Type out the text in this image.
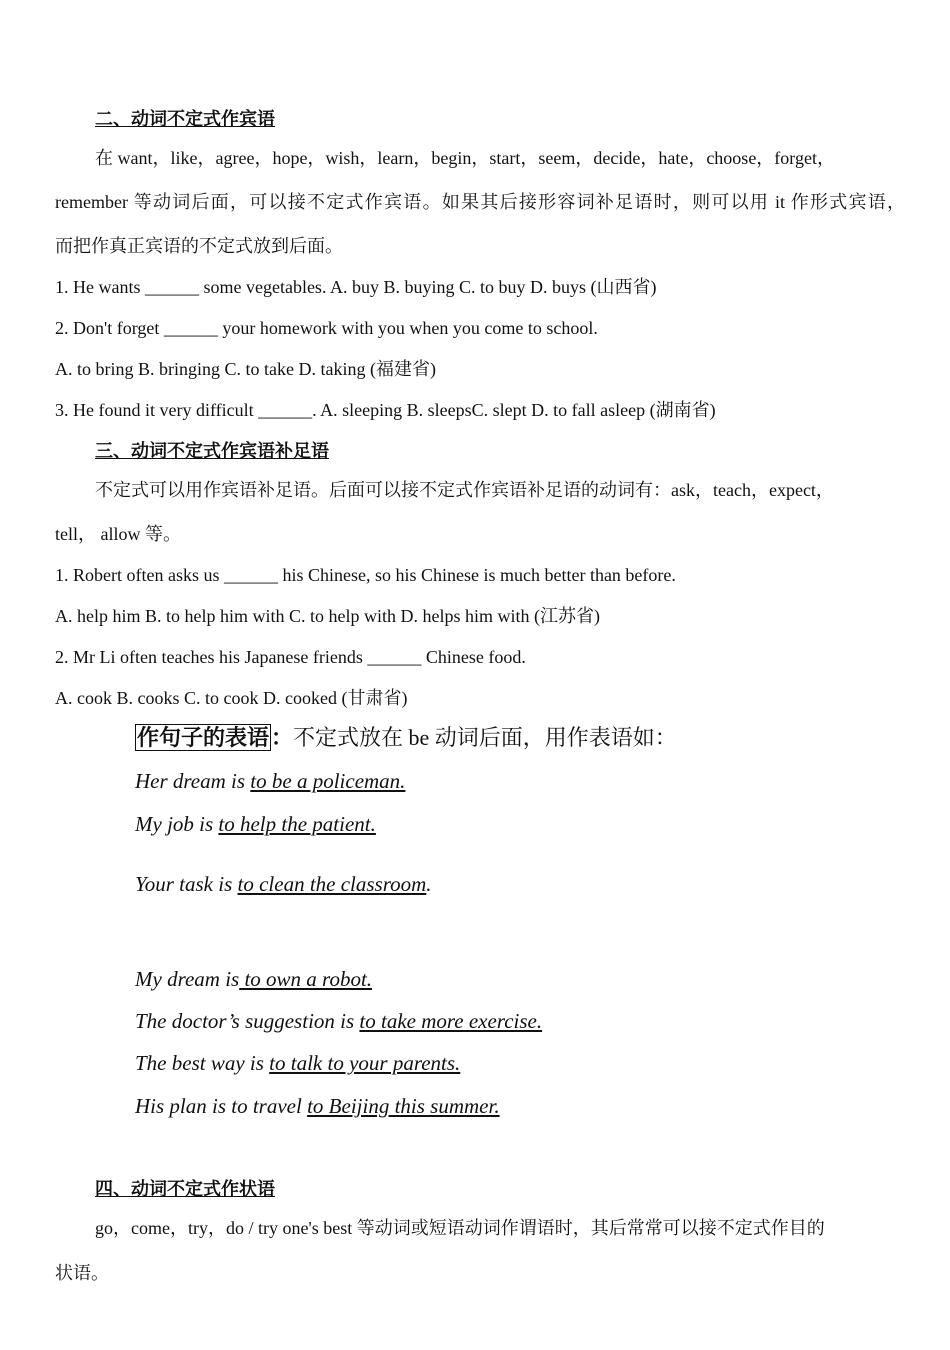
二、动词不定式作宾语
在 want，like，agree，hope，wish，learn，begin，start，seem，decide，hate，choose，forget，
remember 等动词后面，可以接不定式作宾语。如果其后接形容词补足语时，则可以用 it 作形式宾语，
而把作真正宾语的不定式放到后面。
1. He wants ______ some vegetables. A. buy B. buying C. to buy D. buys (山西省)
2. Don't forget ______ your homework with you when you come to school.
A. to bring B. bringing C. to take D. taking (福建省)
3. He found it very difficult ______. A. sleeping B. sleepsC. slept D. to fall asleep (湖南省)
三、动词不定式作宾语补足语
不定式可以用作宾语补足语。后面可以接不定式作宾语补足语的动词有：ask，teach，expect，
tell， allow 等。
1. Robert often asks us ______ his Chinese, so his Chinese is much better than before.
A. help him B. to help him with C. to help with D. helps him with (江苏省)
2. Mr Li often teaches his Japanese friends ______ Chinese food.
A. cook B. cooks C. to cook D. cooked (甘肃省)
作句子的表语：不定式放在 be 动词后面，用作表语如：
Her dream is to be a policeman.
My job is to help the patient.
Your task is to clean the classroom.
My dream is to own a robot.
The doctor’s suggestion is to take more exercise.
The best way is to talk to your parents.
His plan is to travel to Beijing this summer.
四、动词不定式作状语
go，come，try，do / try one's best 等动词或短语动词作谓语时，其后常常可以接不定式作目的
状语。
